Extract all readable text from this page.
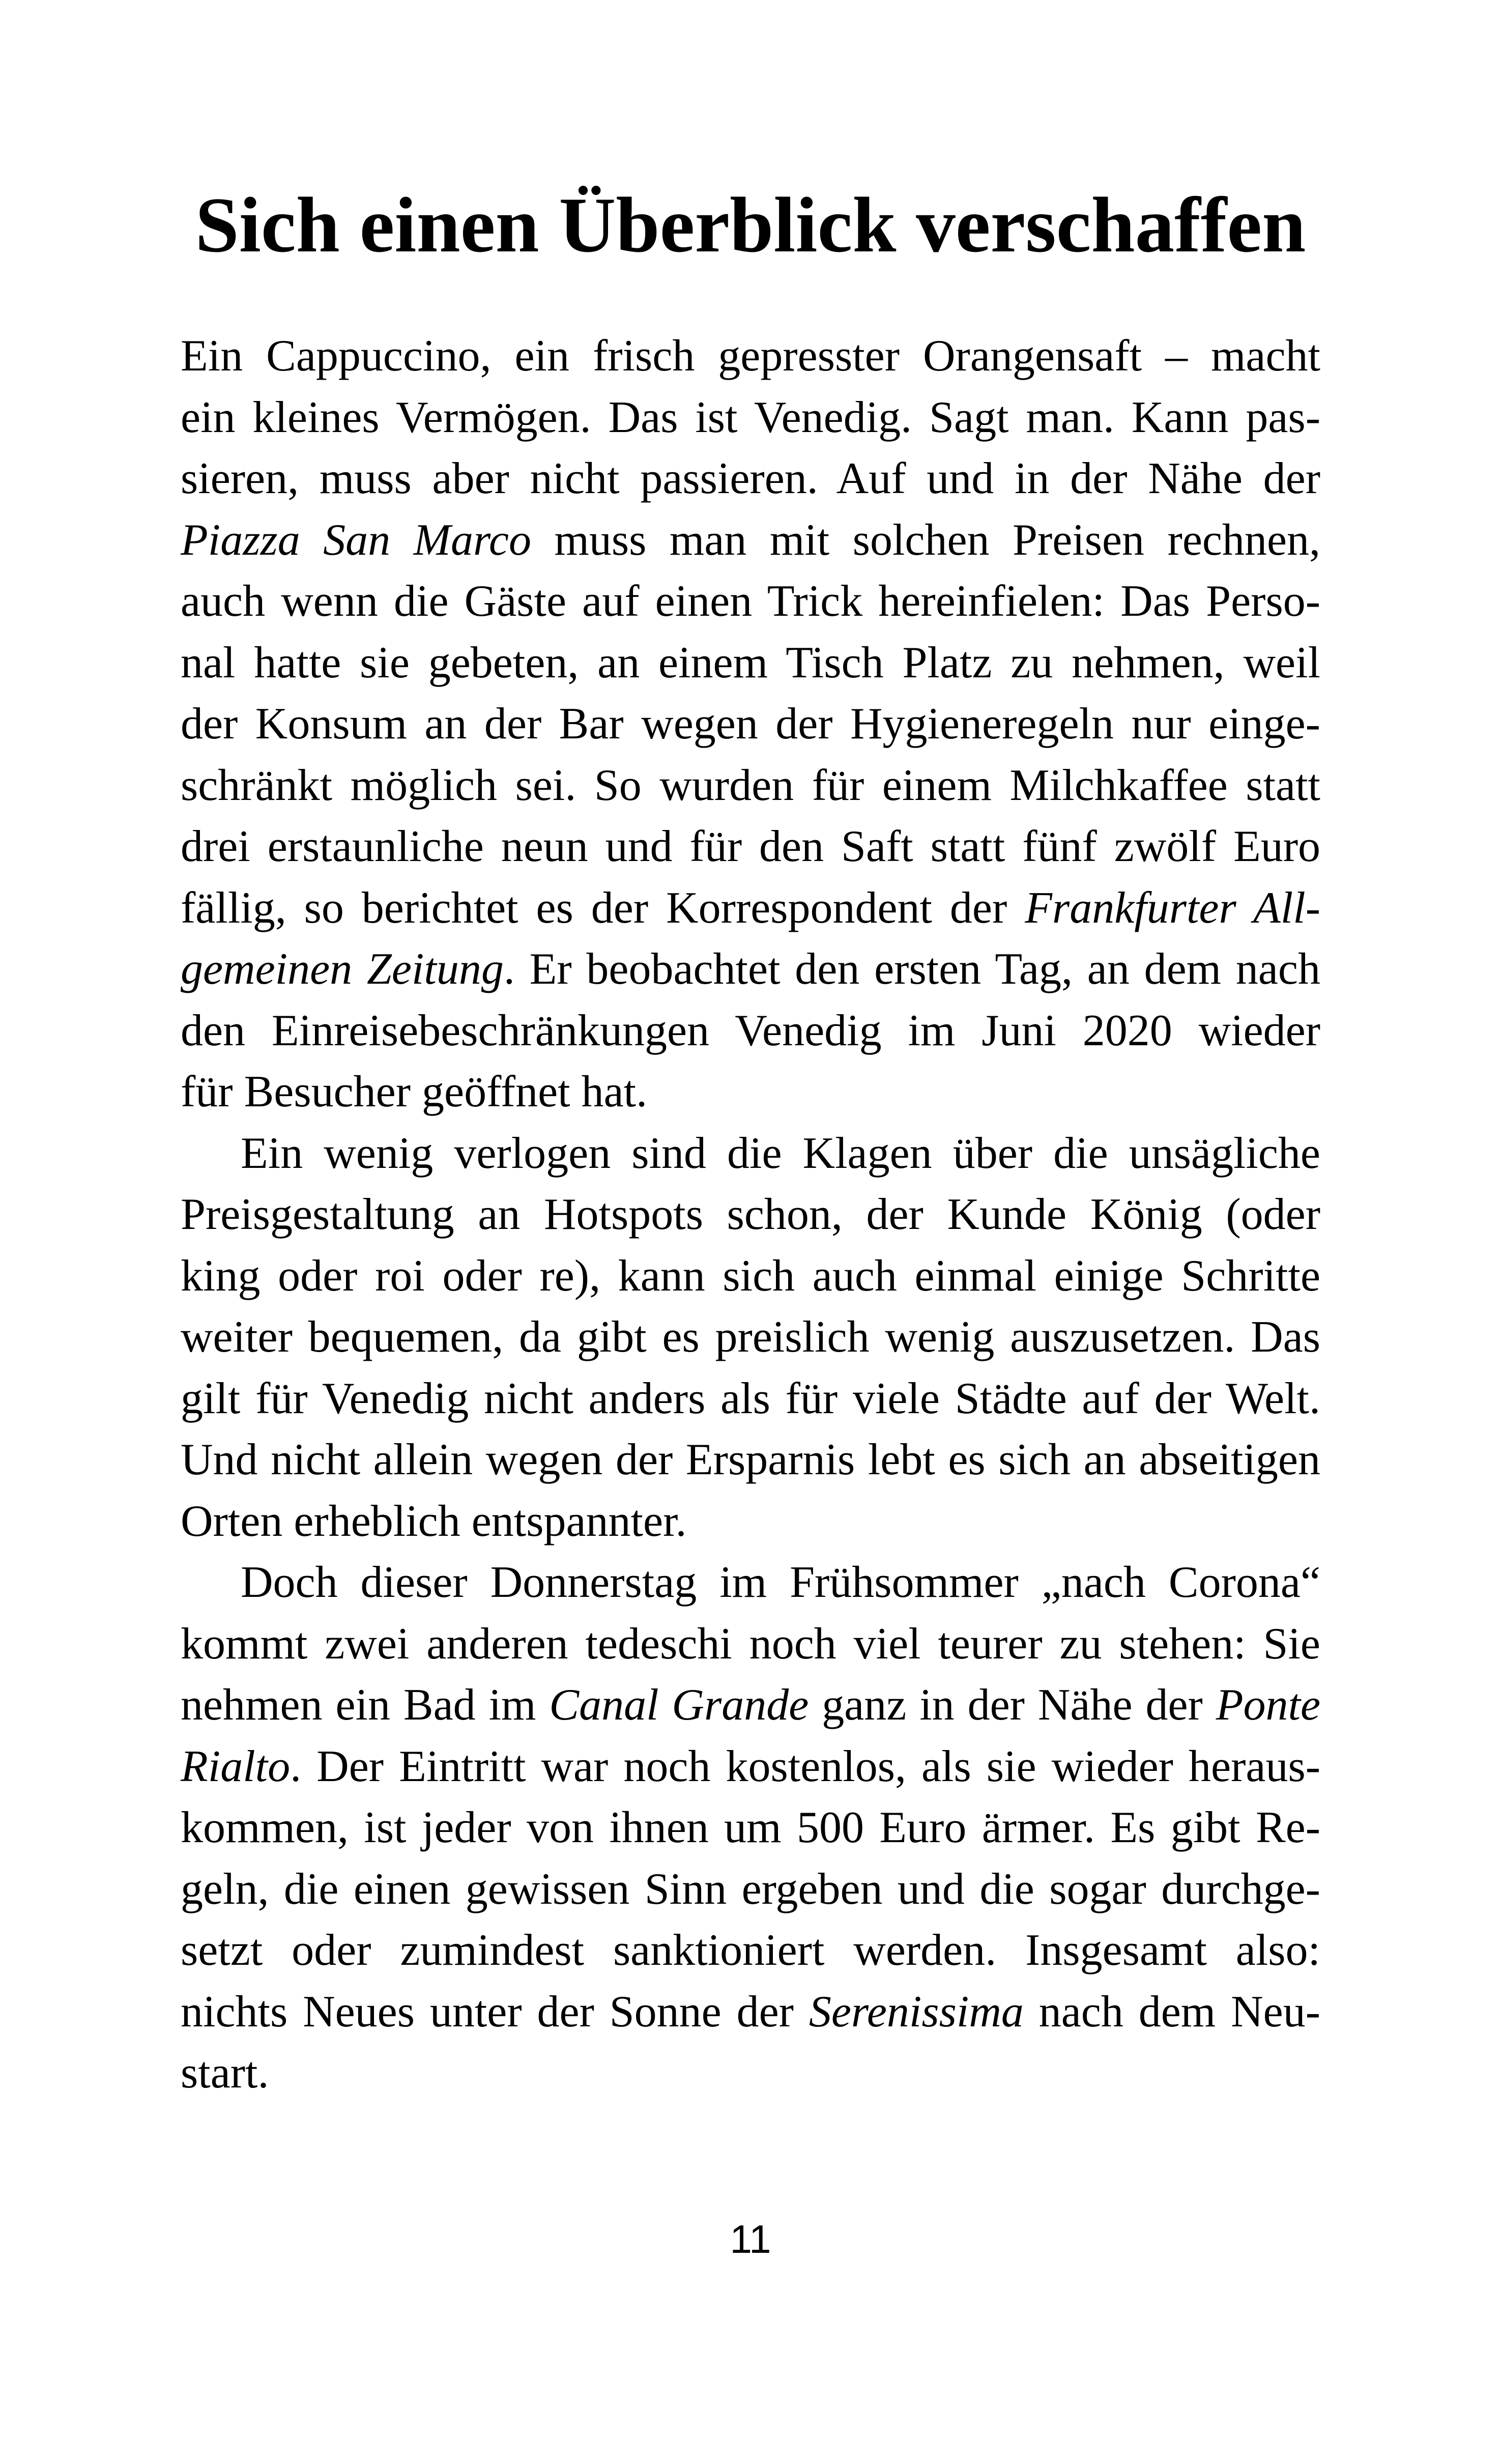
Sich einen Überblick verschaffen
Ein Cappuccino, ein frisch gepresster Orangensaft – macht
ein kleines Vermögen. Das ist Venedig. Sagt man. Kann pas-
sieren, muss aber nicht passieren. Auf und in der Nähe der
Piazza San Marco muss man mit solchen Preisen rechnen,
auch wenn die Gäste auf einen Trick hereinfielen: Das Perso-
nal hatte sie gebeten, an einem Tisch Platz zu nehmen, weil
der Konsum an der Bar wegen der Hygieneregeln nur einge-
schränkt möglich sei. So wurden für einem Milchkaffee statt
drei erstaunliche neun und für den Saft statt fünf zwölf Euro
fällig, so berichtet es der Korrespondent der Frankfurter All-
gemeinen Zeitung. Er beobachtet den ersten Tag, an dem nach
den Einreisebeschränkungen Venedig im Juni 2020 wieder
für Besucher geöffnet hat.
Ein wenig verlogen sind die Klagen über die unsägliche
Preisgestaltung an Hotspots schon, der Kunde König (oder
king oder roi oder re), kann sich auch einmal einige Schritte
weiter bequemen, da gibt es preislich wenig auszusetzen. Das
gilt für Venedig nicht anders als für viele Städte auf der Welt.
Und nicht allein wegen der Ersparnis lebt es sich an abseitigen
Orten erheblich entspannter.
Doch dieser Donnerstag im Frühsommer „nach Corona“
kommt zwei anderen tedeschi noch viel teurer zu stehen: Sie
nehmen ein Bad im Canal Grande ganz in der Nähe der Ponte
Rialto. Der Eintritt war noch kostenlos, als sie wieder heraus-
kommen, ist jeder von ihnen um 500 Euro ärmer. Es gibt Re-
geln, die einen gewissen Sinn ergeben und die sogar durchge-
setzt oder zumindest sanktioniert werden. Insgesamt also:
nichts Neues unter der Sonne der Serenissima nach dem Neu-
start.
11
